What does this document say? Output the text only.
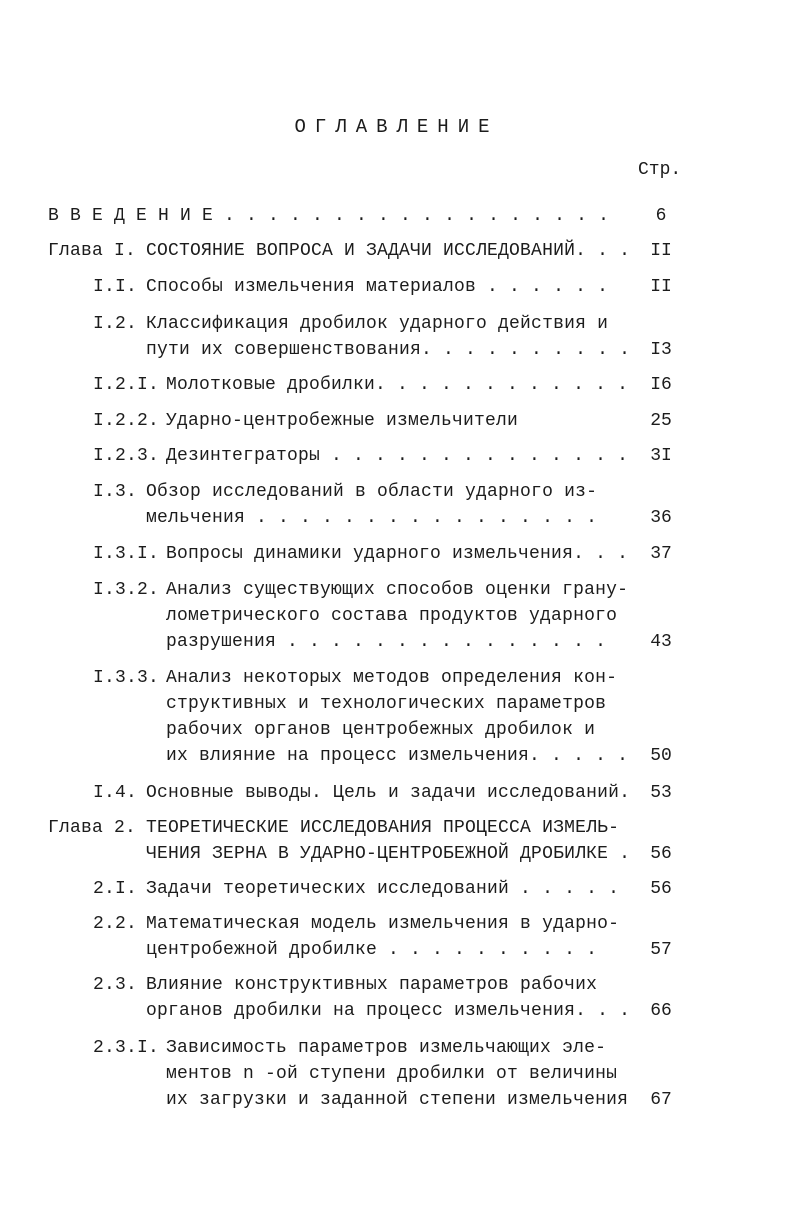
ОГЛАВЛЕНИЕ
Стр.
В В Е Д Е Н И Е . . . . . . . . . . . . . . . . . .	6
Глава I. СОСТОЯНИЕ ВОПРОСА И ЗАДАЧИ ИССЛЕДОВАНИЙ. . .	II
I.I. Способы измельчения материалов . . . . . .	II
I.2. Классификация дробилок ударного действия и
пути их совершенствования. . . . . . . . . .	I3
I.2.I. Молотковые дробилки. . . . . . . . . . . .	I6
I.2.2. Ударно-центробежные измельчители	25
I.2.3. Дезинтеграторы . . . . . . . . . . . . . .	3I
I.3. Обзор исследований в области ударного из-
мельчения . . . . . . . . . . . . . . . .	36
I.3.I. Вопросы динамики ударного измельчения. . .	37
I.3.2. Анализ существующих способов оценки грану-
лометрического состава продуктов ударного
разрушения . . . . . . . . . . . . . . .	43
I.3.3. Анализ некоторых методов определения кон-
структивных и технологических параметров
рабочих органов центробежных дробилок и
их влияние на процесс измельчения. . . . .	50
I.4. Основные выводы. Цель и задачи исследований.	53
Глава 2. ТЕОРЕТИЧЕСКИЕ ИССЛЕДОВАНИЯ ПРОЦЕССА ИЗМЕЛЬ-
ЧЕНИЯ ЗЕРНА В УДАРНО-ЦЕНТРОБЕЖНОЙ ДРОБИЛКЕ .	56
2.I. Задачи теоретических исследований . . . . .	56
2.2. Математическая модель измельчения в ударно-
центробежной дробилке . . . . . . . . . .	57
2.3. Влияние конструктивных параметров рабочих
органов дробилки на процесс измельчения. . .	66
2.3.I. Зависимость параметров измельчающих эле-
ментов n -ой ступени дробилки от величины
их загрузки и заданной степени измельчения	67
